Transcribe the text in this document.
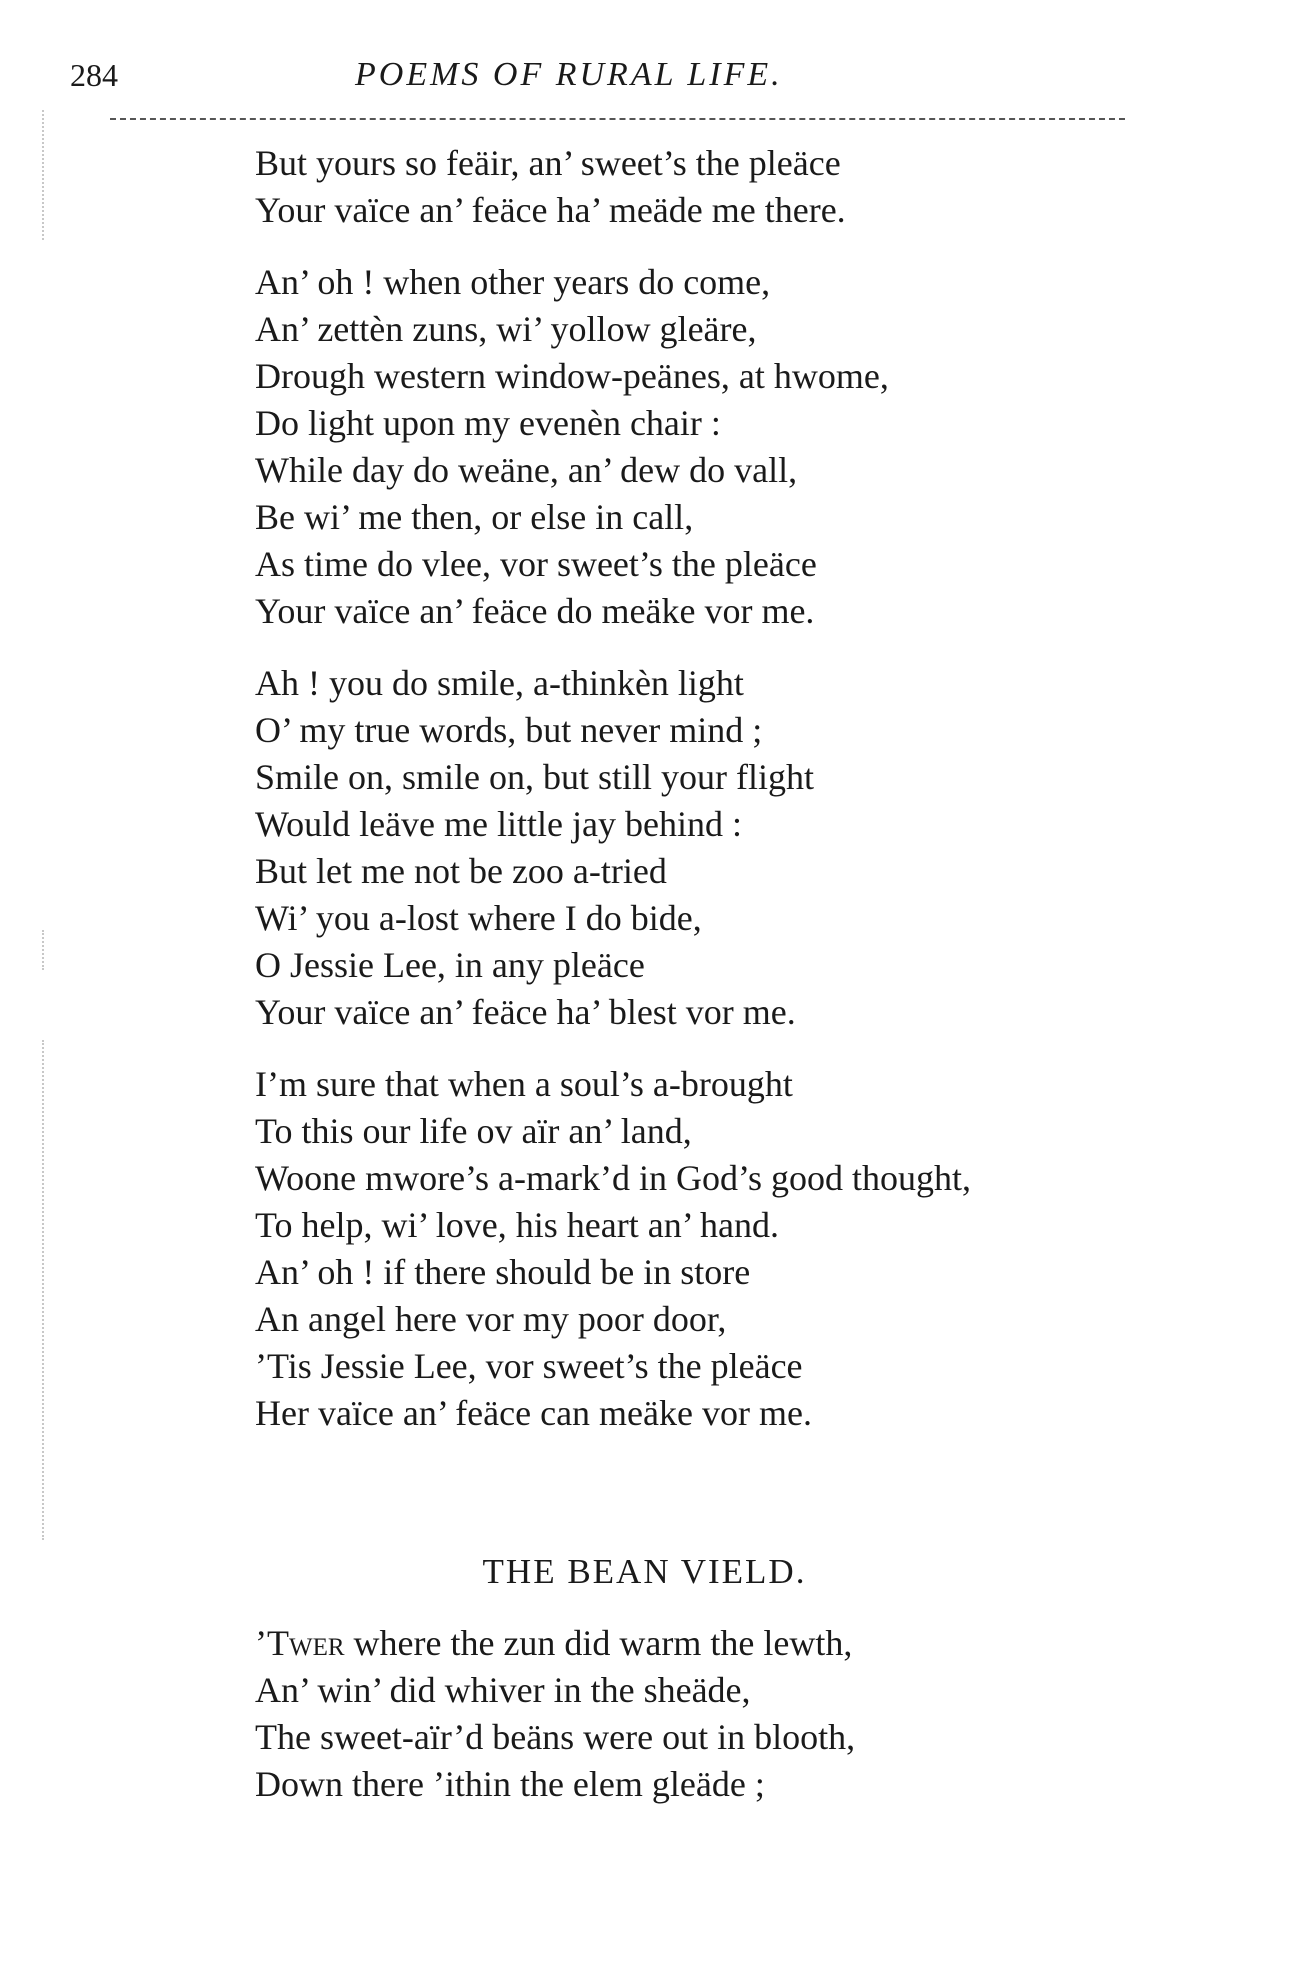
284	POEMS OF RURAL LIFE.
But yours so feäir, an’ sweet’s the pleäce
Your vaïce an’ feäce ha’ meäde me there.
An’ oh ! when other years do come,
An’ zettèn zuns, wi’ yollow gleäre,
Drough western window-peänes, at hwome,
Do light upon my evenèn chair :
While day do weäne, an’ dew do vall,
Be wi’ me then, or else in call,
As time do vlee, vor sweet’s the pleäce
Your vaïce an’ feäce do meäke vor me.
Ah ! you do smile, a-thinkèn light
O’ my true words, but never mind ;
Smile on, smile on, but still your flight
Would leäve me little jay behind :
But let me not be zoo a-tried
Wi’ you a-lost where I do bide,
O Jessie Lee, in any pleäce
Your vaïce an’ feäce ha’ blest vor me.
I’m sure that when a soul’s a-brought
To this our life ov aïr an’ land,
Woone mwore’s a-mark’d in God’s good thought,
To help, wi’ love, his heart an’ hand.
An’ oh ! if there should be in store
An angel here vor my poor door,
’Tis Jessie Lee, vor sweet’s the pleäce
Her vaïce an’ feäce can meäke vor me.
THE BEAN VIELD.
’Twer where the zun did warm the lewth,
An’ win’ did whiver in the sheäde,
The sweet-aïr’d beäns were out in blooth,
Down there ’ithin the elem gleäde ;
